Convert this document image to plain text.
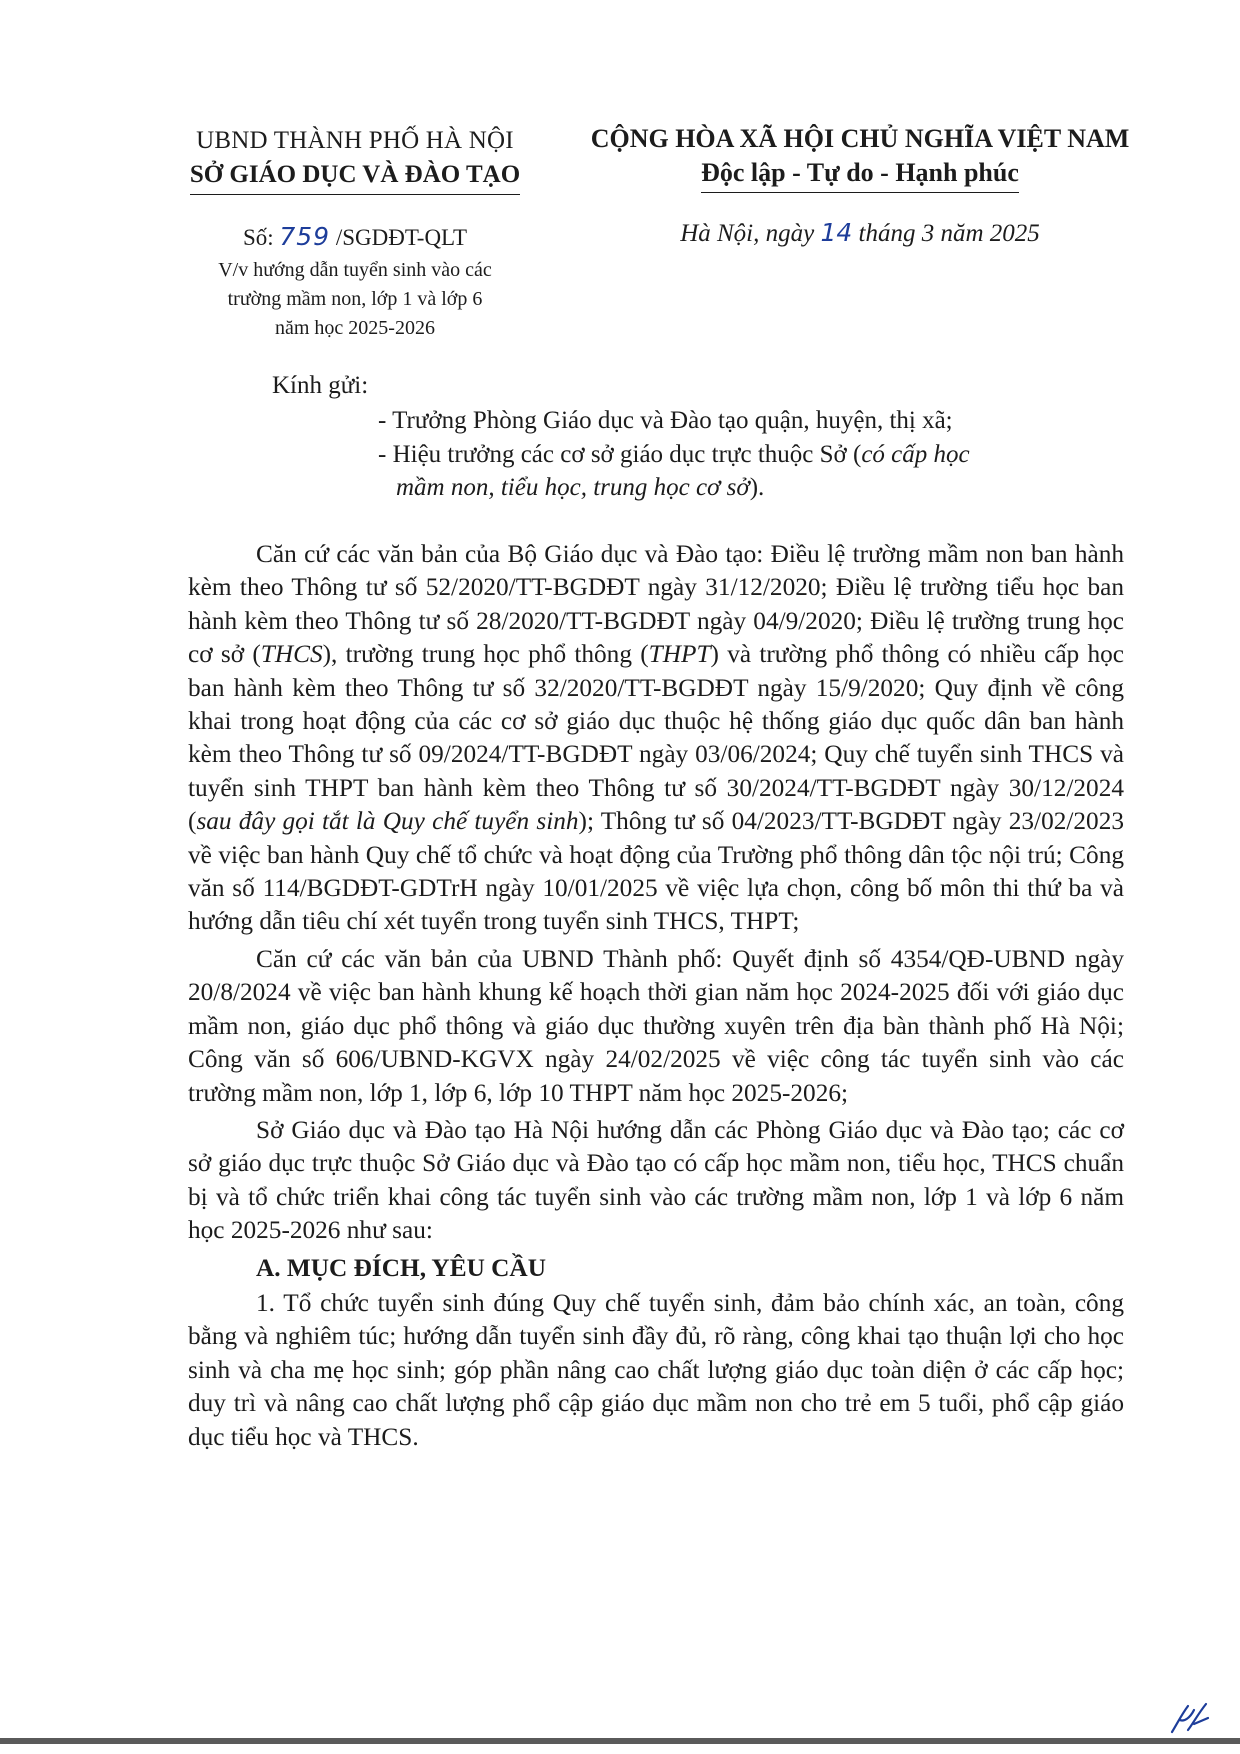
UBND THÀNH PHỐ HÀ NỘI
SỞ GIÁO DỤC VÀ ĐÀO TẠO
CỘNG HÒA XÃ HỘI CHỦ NGHĨA VIỆT NAM
Độc lập - Tự do - Hạnh phúc
Số: 759 /SGDĐT-QLT
V/v hướng dẫn tuyển sinh vào các
trường mầm non, lớp 1 và lớp 6
năm học 2025-2026
Hà Nội, ngày 14 tháng 3 năm 2025
Kính gửi:
- Trưởng Phòng Giáo dục và Đào tạo quận, huyện, thị xã;
- Hiệu trưởng các cơ sở giáo dục trực thuộc Sở (có cấp học
mầm non, tiểu học, trung học cơ sở).

Căn cứ các văn bản của Bộ Giáo dục và Đào tạo: Điều lệ trường mầm non ban hành kèm theo Thông tư số 52/2020/TT-BGDĐT ngày 31/12/2020; Điều lệ trường tiểu học ban hành kèm theo Thông tư số 28/2020/TT-BGDĐT ngày 04/9/2020; Điều lệ trường trung học cơ sở (THCS), trường trung học phổ thông (THPT) và trường phổ thông có nhiều cấp học ban hành kèm theo Thông tư số 32/2020/TT-BGDĐT ngày 15/9/2020; Quy định về công khai trong hoạt động của các cơ sở giáo dục thuộc hệ thống giáo dục quốc dân ban hành kèm theo Thông tư số 09/2024/TT-BGDĐT ngày 03/06/2024; Quy chế tuyển sinh THCS và tuyển sinh THPT ban hành kèm theo Thông tư số 30/2024/TT-BGDĐT ngày 30/12/2024 (sau đây gọi tắt là Quy chế tuyển sinh); Thông tư số 04/2023/TT-BGDĐT ngày 23/02/2023 về việc ban hành Quy chế tổ chức và hoạt động của Trường phổ thông dân tộc nội trú; Công văn số 114/BGDĐT-GDTrH ngày 10/01/2025 về việc lựa chọn, công bố môn thi thứ ba và hướng dẫn tiêu chí xét tuyển trong tuyển sinh THCS, THPT;

Căn cứ các văn bản của UBND Thành phố: Quyết định số 4354/QĐ-UBND ngày 20/8/2024 về việc ban hành khung kế hoạch thời gian năm học 2024-2025 đối với giáo dục mầm non, giáo dục phổ thông và giáo dục thường xuyên trên địa bàn thành phố Hà Nội; Công văn số 606/UBND-KGVX ngày 24/02/2025 về việc công tác tuyển sinh vào các trường mầm non, lớp 1, lớp 6, lớp 10 THPT năm học 2025-2026;

Sở Giáo dục và Đào tạo Hà Nội hướng dẫn các Phòng Giáo dục và Đào tạo; các cơ sở giáo dục trực thuộc Sở Giáo dục và Đào tạo có cấp học mầm non, tiểu học, THCS chuẩn bị và tổ chức triển khai công tác tuyển sinh vào các trường mầm non, lớp 1 và lớp 6 năm học 2025-2026 như sau:

A. MỤC ĐÍCH, YÊU CẦU

1. Tổ chức tuyển sinh đúng Quy chế tuyển sinh, đảm bảo chính xác, an toàn, công bằng và nghiêm túc; hướng dẫn tuyển sinh đầy đủ, rõ ràng, công khai tạo thuận lợi cho học sinh và cha mẹ học sinh; góp phần nâng cao chất lượng giáo dục toàn diện ở các cấp học; duy trì và nâng cao chất lượng phổ cập giáo dục mầm non cho trẻ em 5 tuổi, phổ cập giáo dục tiểu học và THCS.
